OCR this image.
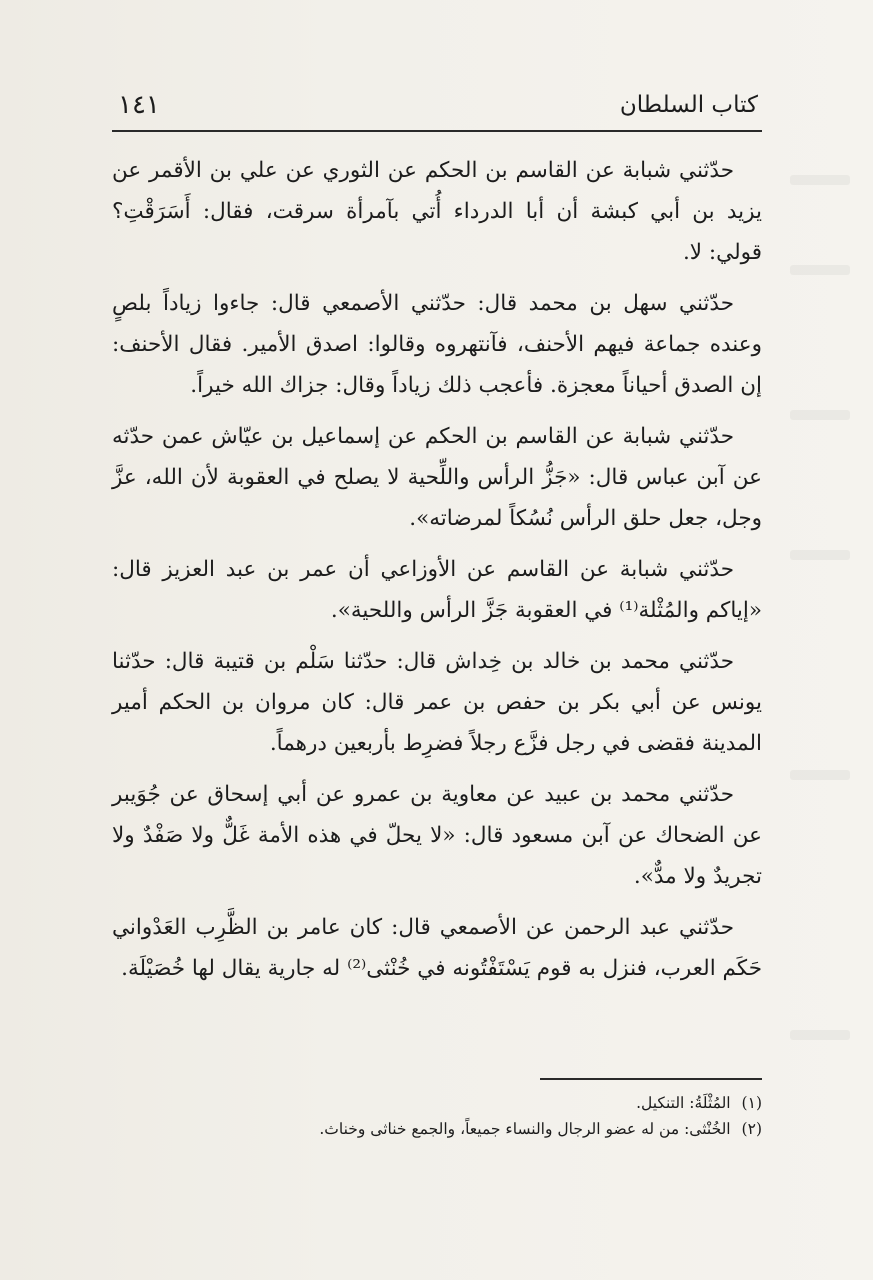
كتاب السلطان
١٤١

حدّثني شبابة عن القاسم بن الحكم عن الثوري عن علي بن الأقمر عن يزيد بن أبي كبشة أن أبا الدرداء أُتي بآمرأة سرقت، فقال: أَسَرَقْتِ؟ قولي: لا.

حدّثني سهل بن محمد قال: حدّثني الأصمعي قال: جاءوا زياداً بلصٍ وعنده جماعة فيهم الأحنف، فآنتهروه وقالوا: اصدق الأمير. فقال الأحنف: إن الصدق أحياناً معجزة. فأعجب ذلك زياداً وقال: جزاك الله خيراً.

حدّثني شبابة عن القاسم بن الحكم عن إسماعيل بن عيّاش عمن حدّثه عن آبن عباس قال: «جَزُّ الرأس واللِّحية لا يصلح في العقوبة لأن الله، عزَّ وجل، جعل حلق الرأس نُسُكاً لمرضاته».

حدّثني شبابة عن القاسم عن الأوزاعي أن عمر بن عبد العزيز قال: «إياكم والمُثْلة⁽¹⁾ في العقوبة جَزَّ الرأس واللحية».

حدّثني محمد بن خالد بن خِداش قال: حدّثنا سَلْم بن قتيبة قال: حدّثنا يونس عن أبي بكر بن حفص بن عمر قال: كان مروان بن الحكم أمير المدينة فقضى في رجل فزَّع رجلاً فضرِط بأربعين درهماً.

حدّثني محمد بن عبيد عن معاوية بن عمرو عن أبي إسحاق عن جُوَيبر عن الضحاك عن آبن مسعود قال: «لا يحلّ في هذه الأمة غَلٌّ ولا صَفْدٌ ولا تجريدٌ ولا مدٌّ».

حدّثني عبد الرحمن عن الأصمعي قال: كان عامر بن الظَّرِب العَدْواني حَكَم العرب، فنزل به قوم يَسْتَفْتُونه في خُنْثى⁽²⁾ له جارية يقال لها خُصَيْلَة.

(١) المُثْلَةُ: التنكيل.

(٢) الخُنْثى: من له عضو الرجال والنساء جميعاً، والجمع خناثى وخناث.
